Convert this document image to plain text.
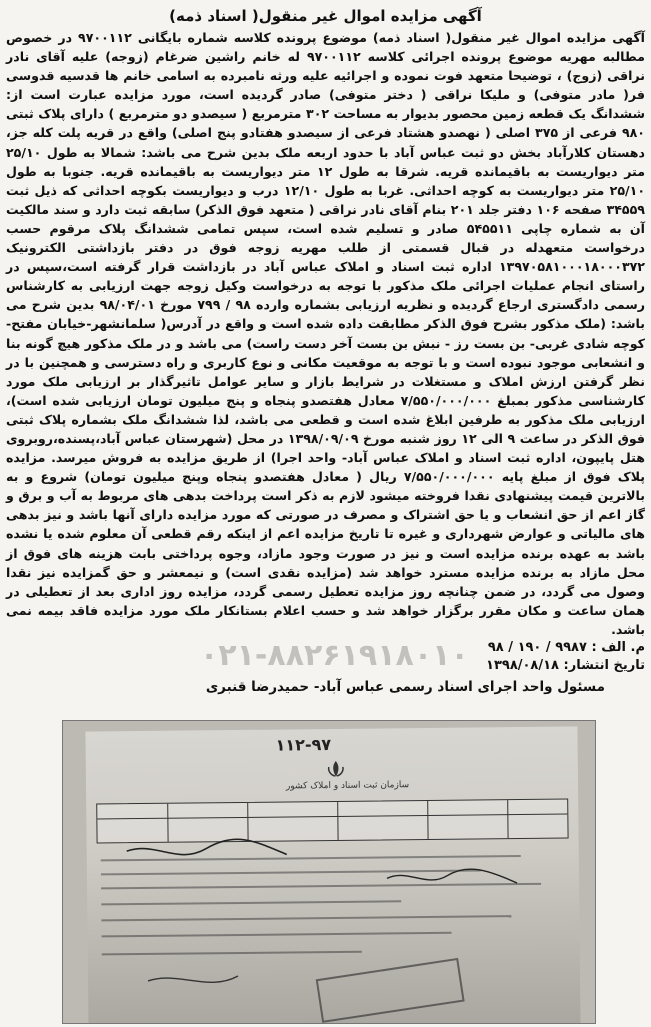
آگهی مزایده اموال غیر منقول( اسناد ذمه)

آگهی مزایده اموال غیر منقول( اسناد ذمه) موضوع پرونده کلاسه شماره بایگانی ۹۷۰۰۱۱۲ در خصوص مطالبه مهریه موضوع پرونده اجرائی کلاسه ۹۷۰۰۱۱۲ له خانم راشین ضرغام (زوجه) علیه آقای نادر نراقی (زوج) ، توضیحا متعهد فوت نموده و اجرائیه علیه ورثه نامبرده به اسامی خانم ها قدسیه قدوسی فر( مادر متوفی) و ملیکا نراقی ( دختر متوفی) صادر گردیده است، مورد مزایده عبارت است از: ششدانگ یک قطعه زمین محصور بدیوار به مساحت ۳۰۲ مترمربع ( سیصدو دو مترمربع ) دارای پلاک ثبتی ۹۸۰ فرعی از ۳۷۵ اصلی ( نهصدو هشتاد فرعی از سیصدو هفتادو پنج اصلی) واقع در قریه پلت کله جز، دهستان کلارآباد بخش دو ثبت عباس آباد با حدود اربعه ملک بدین شرح می باشد: شمالا به طول ۲۵/۱۰ متر دیواریست به باقیمانده قریه. شرقا به طول ۱۲ متر دیواریست به باقیمانده قریه. جنوبا به طول ۲۵/۱۰ متر دیواریست به کوچه احداثی. غربا به طول ۱۲/۱۰ درب و دیواریست بکوچه احداثی که ذیل ثبت ۳۴۵۵۹ صفحه ۱۰۶ دفتر جلد ۲۰۱ بنام آقای نادر نراقی ( متعهد فوق الذکر) سابقه ثبت دارد و سند مالکیت آن به شماره چاپی ۵۴۵۵۱۱ صادر و تسلیم شده است، سپس تمامی ششدانگ پلاک مرقوم حسب درخواست متعهدله در قبال قسمتی از طلب مهریه زوجه فوق در دفتر بازداشتی الکترونیک ۱۳۹۷۰۵۸۱۰۰۰۱۸۰۰۰۳۷۲ اداره ثبت اسناد و املاک عباس آباد در بازداشت قرار گرفته است،سپس در راستای انجام عملیات اجرائی ملک مذکور با توجه به درخواست وکیل زوجه جهت ارزیابی به کارشناس رسمی دادگستری ارجاع گردیده و نظریه ارزیابی بشماره وارده ۹۸ / ۷۹۹ مورخ ۹۸/۰۴/۰۱ بدین شرح می باشد: (ملک مذکور بشرح فوق الذکر مطابقت داده شده است و واقع در آدرس( سلمانشهر-خیابان مفتح- کوچه شادی غربی- بن بست رز - نبش بن بست آخر دست راست) می باشد و در ملک مذکور هیچ گونه بنا و انشعابی موجود نبوده است و با توجه به موقعیت مکانی و نوع کاربری و راه دسترسی و همچنین با در نظر گرفتن ارزش املاک و مستغلات در شرایط بازار و سایر عوامل تاثیرگذار بر ارزیابی ملک مورد کارشناسی مذکور بمبلغ ۷/۵۵۰/۰۰۰/۰۰۰ معادل هفتصدو پنجاه و پنج میلیون تومان ارزیابی شده است)، ارزیابی ملک مذکور به طرفین ابلاغ شده است و قطعی می باشد، لذا ششدانگ ملک بشماره پلاک ثبتی فوق الذکر در ساعت ۹ الی ۱۲ روز شنبه مورخ ۱۳۹۸/۰۹/۰۹ در محل (شهرستان عباس آباد،پسنده،روبروی هتل پایپون، اداره ثبت اسناد و املاک عباس آباد- واحد اجرا) از طریق مزایده به فروش میرسد. مزایده پلاک فوق از مبلغ پایه ۷/۵۵۰/۰۰۰/۰۰۰ ریال ( معادل هفتصدو پنجاه وپنج میلیون تومان) شروع و به بالاترین قیمت پیشنهادی نقدا فروخته میشود لازم به ذکر است پرداخت بدهی های مربوط به آب و برق و گاز اعم از حق انشعاب و یا حق اشتراک و مصرف در صورتی که مورد مزایده دارای آنها باشد و نیز بدهی های مالیاتی و عوارض شهرداری و غیره تا تاریخ مزایده اعم از اینکه رقم قطعی آن معلوم شده یا نشده باشد به عهده برنده مزایده است و نیز در صورت وجود مازاد، وجوه پرداختی بابت هزینه های فوق از محل مازاد به برنده مزایده مسترد خواهد شد (مزایده نقدی است) و نیمعشر و حق گمزایده نیز نقدا وصول می گردد، در ضمن چنانچه روز مزایده تعطیل رسمی گردد، مزایده روز اداری بعد از تعطیلی در همان ساعت و مکان مقرر برگزار خواهد شد و حسب اعلام بستانکار ملک مورد مزایده فاقد بیمه نمی باشد.

م. الف : ۹۹۸۷ / ۱۹۰ / ۹۸

تاریخ انتشار: ۱۳۹۸/۰۸/۱۸

مسئول واحد اجرای اسناد رسمی عباس آباد- حمیدرضا قنبری

۰۲۱-۸۸۲۶۱۹۱۸۰۱۰
۱۱۲-۹۷
سازمان ثبت اسناد و املاک کشور
